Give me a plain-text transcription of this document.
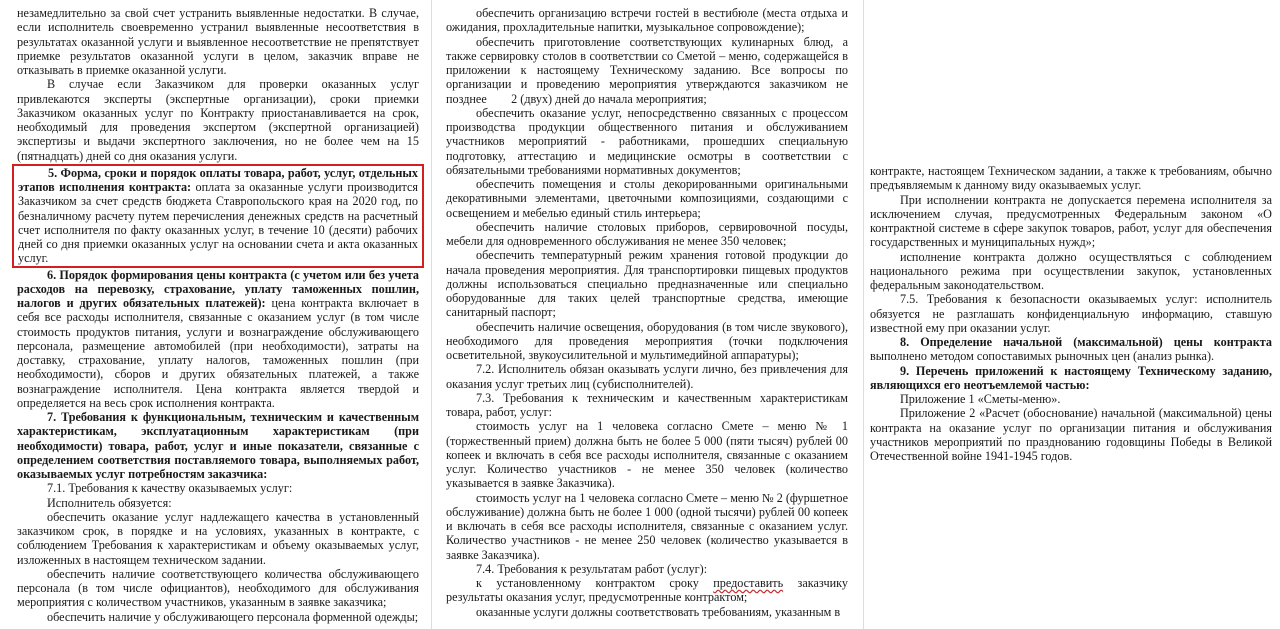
незамедлительно за свой счет устранить выявленные недостатки. В случае, если исполнитель своевременно устранил выявленные несоответствия в результатах оказанной услуги и выявленное несоответствие не препятствует приемке результатов оказанной услуги в целом, заказчик вправе не отказывать в приемке оказанной услуги.

В случае если Заказчиком для проверки оказанных услуг привлекаются эксперты (экспертные организации), сроки приемки Заказчиком оказанных услуг по Контракту приостанавливается на срок, необходимый для проведения экспертом (экспертной организацией) экспертизы и выдачи экспертного заключения, но не более чем на 15 (пятнадцать) дней со дня оказания услуги.

5. Форма, сроки и порядок оплаты товара, работ, услуг, отдельных этапов исполнения контракта: оплата за оказанные услуги производится Заказчиком за счет средств бюджета Ставропольского края на 2020 год, по безналичному расчету путем перечисления денежных средств на расчетный счет исполнителя по факту оказанных услуг, в течение 10 (десяти) рабочих дней со дня приемки оказанных услуг на основании счета и акта оказанных услуг.

6. Порядок формирования цены контракта (с учетом или без учета расходов на перевозку, страхование, уплату таможенных пошлин, налогов и других обязательных платежей): цена контракта включает в себя все расходы исполнителя, связанные с оказанием услуг (в том числе стоимость продуктов питания, услуги и вознаграждение обслуживающего персонала, размещение автомобилей (при необходимости), затраты на доставку, страхование, уплату налогов, таможенных пошлин (при необходимости), сборов и других обязательных платежей, а также вознаграждение исполнителя. Цена контракта является твердой и определяется на весь срок исполнения контракта.

7. Требования к функциональным, техническим и качественным характеристикам, эксплуатационным характеристикам (при необходимости) товара, работ, услуг и иные показатели, связанные с определением соответствия поставляемого товара, выполняемых работ, оказываемых услуг потребностям заказчика:

7.1. Требования к качеству оказываемых услуг:

Исполнитель обязуется:

обеспечить оказание услуг надлежащего качества в установленный заказчиком срок, в порядке и на условиях, указанных в контракте, с соблюдением Требования к характеристикам и объему оказываемых услуг, изложенных в настоящем техническом задании.

обеспечить наличие соответствующего количества обслуживающего персонала (в том числе официантов), необходимого для обслуживания мероприятия с количеством участников, указанным в заявке заказчика;

обеспечить наличие у обслуживающего персонала форменной одежды;

обеспечить организацию встречи гостей в вестибюле (места отдыха и ожидания, прохладительные напитки, музыкальное сопровождение);

обеспечить приготовление соответствующих кулинарных блюд, а также сервировку столов в соответствии со Сметой – меню, содержащейся в приложении к настоящему Техническому заданию. Все вопросы по организации и проведению мероприятия утверждаются заказчиком не позднее        2 (двух) дней до начала мероприятия;

обеспечить оказание услуг, непосредственно связанных с процессом производства продукции общественного питания и обслуживанием участников мероприятий - работниками, прошедших специальную подготовку, аттестацию и медицинские осмотры в соответствии с обязательными требованиями нормативных документов;

обеспечить помещения и столы декорированными оригинальными декоративными элементами, цветочными композициями, создающими с освещением и мебелью единый стиль интерьера;

обеспечить наличие столовых приборов, сервировочной посуды, мебели для одновременного обслуживания не менее 350 человек;

обеспечить температурный режим хранения готовой продукции до начала проведения мероприятия. Для транспортировки пищевых продуктов должны использоваться специально предназначенные или специально оборудованные для таких целей транспортные средства, имеющие санитарный паспорт;

обеспечить наличие освещения, оборудования (в том числе звукового), необходимого для проведения мероприятия (точки подключения осветительной, звукоусилительной и мультимедийной аппаратуры);

7.2. Исполнитель обязан оказывать услуги лично, без привлечения для оказания услуг третьих лиц (субисполнителей).

7.3. Требования к техническим и качественным характеристикам товара, работ, услуг:

стоимость услуг на 1 человека согласно Смете – меню № 1 (торжественный прием) должна быть не более 5 000 (пяти тысяч) рублей 00 копеек и включать в себя все расходы исполнителя, связанные с оказанием услуг. Количество участников - не менее 350 человек (количество указывается в заявке Заказчика).

стоимость услуг на 1 человека согласно Смете – меню № 2 (фуршетное обслуживание) должна быть не более 1 000 (одной тысячи) рублей 00 копеек и включать в себя все расходы исполнителя, связанные с оказанием услуг. Количество участников - не менее 250 человек (количество указывается в заявке Заказчика).

7.4. Требования к результатам работ (услуг):

к установленному контрактом сроку предоставить заказчику результаты оказания услуг, предусмотренные контрактом;

оказанные услуги должны соответствовать требованиям, указанным в

контракте, настоящем Техническом задании, а также к требованиям, обычно предъявляемым к данному виду оказываемых услуг.

При исполнении контракта не допускается перемена исполнителя за исключением случая, предусмотренных Федеральным законом «О контрактной системе в сфере закупок товаров, работ, услуг для обеспечения государственных и муниципальных нужд»;

исполнение контракта должно осуществляться с соблюдением национального режима при осуществлении закупок, установленных федеральным законодательством.

7.5. Требования к безопасности оказываемых услуг: исполнитель обязуется не разглашать конфиденциальную информацию, ставшую известной ему при оказании услуг.

8. Определение начальной (максимальной) цены контракта выполнено методом сопоставимых рыночных цен (анализ рынка).

9. Перечень приложений к настоящему Техническому заданию, являющихся его неотъемлемой частью:

Приложение 1 «Сметы-меню».

Приложение 2 «Расчет (обоснование) начальной (максимальной) цены контракта на оказание услуг по организации питания и обслуживания участников мероприятий по празднованию годовщины Победы в Великой Отечественной войне 1941-1945 годов.
